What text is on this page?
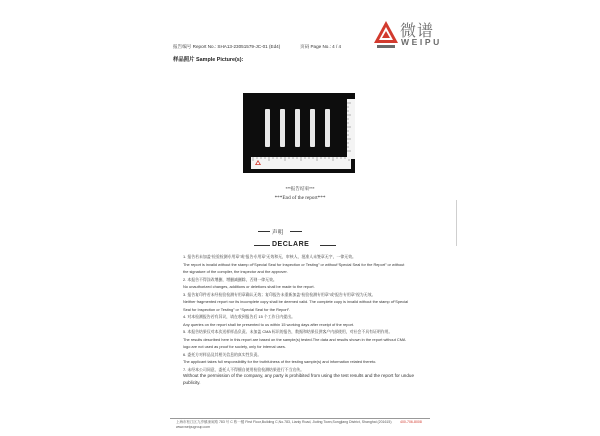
微谱
WEIPU
报告编号 Report No.: SHA13-23051579-JC-01 (Ed4)	页码 Page No.: 4 / 4
样品照片 Sample Picture(s):
***报告结束***
***End of the report***
声明
DECLARE
1. 报告若未加盖“检验检测专用章”或“报告专用章”无效和无，审核人、批准人未签章无字，一律无效。
The report is invalid without the stamp of“Special Seal for Inspection or Testing” or without“Special Seal for the Report” or without
the signature of the compiler, the inspector and the approver.
2. 本报告不得涂改增删，增删减删除，否则一律无效。
No unauthorized changes, additions or deletions shall be made to the report.
3. 报告复印件若未经检验检测专用章确认无效；复印报告未重新加盖“检验检测专用章”或“报告专用章”视为无效。
Neither fragmented report nor its incomplete copy shall be deemed valid. The complete copy is invalid without the stamp of“Special
Seal for Inspection or Testing” or “Special Seal for the Report”.
4. 对本检测报告若有异议，请在收到报告后 15 个工作日内提出。
Any queries on the report shall be presented to us within 15 working days after receipt of the report.
5. 本报告结果仅对本次送样样品负责。未加盖 CMA 标识的报告，数据和结果仅供客户内部使用，对社会不具有证明作用。
The results described here in this report are based on the sample(s) tested.The data and results shown in the report without CMA
logo are not used as proof for society, only for internal uses.
6. 委托方对样品及其相关信息的真实性负责。
The applicant takes full responsibility for the truthfulness of the testing sample(s) and information related thereto.
7. 未经本公司同意，委托人不得擅自使用检验检测结果进行不当宣传。
Without the permission of the company, any party is prohibited from using the test results and the report for undue
publicity.
上海市松江区九亭镇涞寅路 783 号 C 栋一楼 First Floor,Building C,No.783, Lianly Road, Jiuting Town,Songjiang District, Shanghai (201615) 400-706-8008
www.weipugroup.com
